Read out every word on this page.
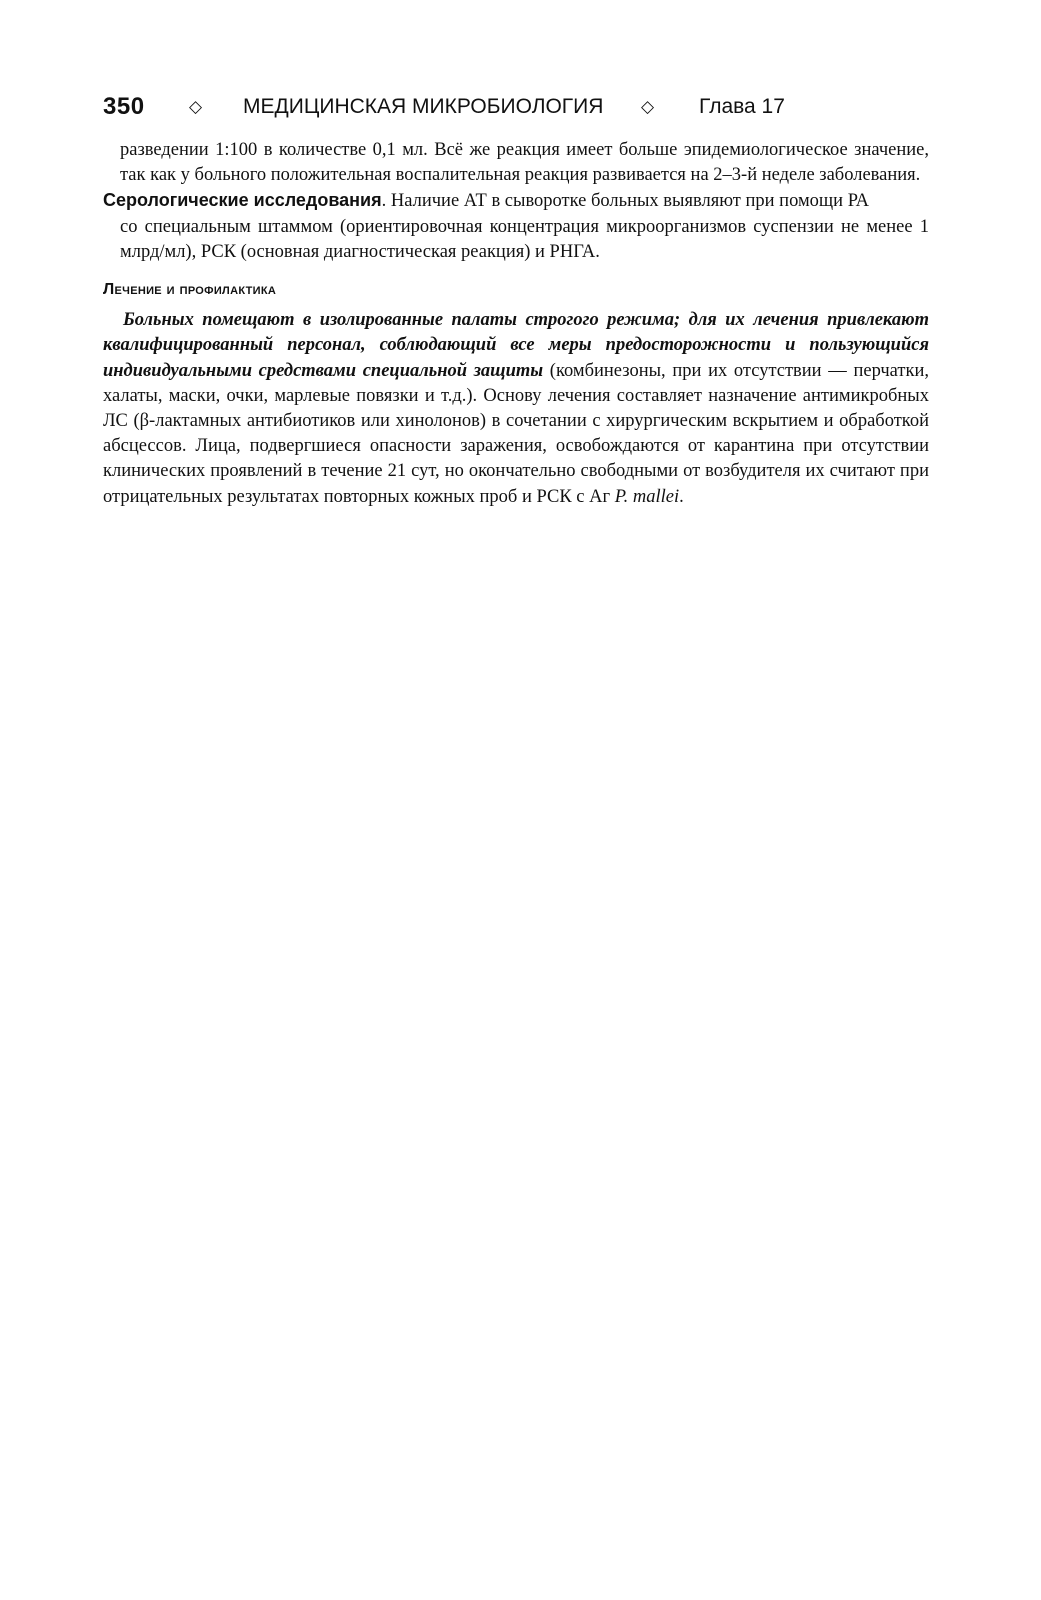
350	◇ МЕДИЦИНСКАЯ МИКРОБИОЛОГИЯ ◇ Глава 17

разведении 1:100 в количестве 0,1 мл. Всё же реакция имеет больше эпидемиологическое значение, так как у больного положительная воспалительная реакция развивается на 2–3-й неделе заболевания.

Серологические исследования. Наличие АТ в сыворотке больных выявляют при помощи РА
со специальным штаммом (ориентировочная концентрация микроорганизмов суспензии не менее 1 млрд/мл), РСК (основная диагностическая реакция) и РНГА.

Лечение и профилактика

Больных помещают в изолированные палаты строгого режима; для их лечения привлекают квалифицированный персонал, соблюдающий все меры предосторожности и пользующийся индивидуальными средствами специальной защиты (комбинезоны, при их отсутствии — перчатки, халаты, маски, очки, марлевые повязки и т.д.). Основу лечения составляет назначение антимикробных ЛС (β-лактамных антибиотиков или хинолонов) в сочетании с хирургическим вскрытием и обработкой абсцессов. Лица, подвергшиеся опасности заражения, освобождаются от карантина при отсутствии клинических проявлений в течение 21 сут, но окончательно свободными от возбудителя их считают при отрицательных результатах повторных кожных проб и РСК с Аг P. mallei.
